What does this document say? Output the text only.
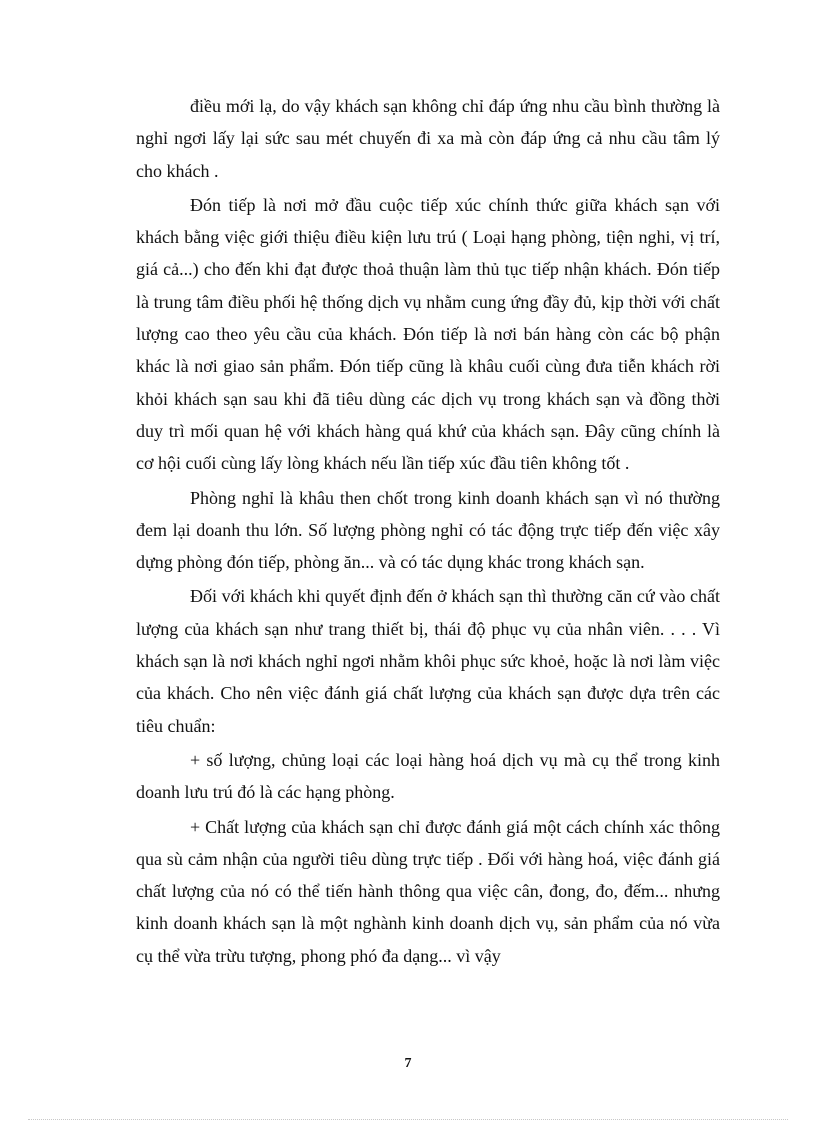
điều mới lạ, do vậy khách sạn không chỉ đáp ứng nhu cầu bình thường là nghỉ ngơi lấy lại sức sau mét chuyến đi xa mà còn đáp ứng cả nhu cầu tâm lý cho khách .

Đón tiếp là nơi mở đầu cuộc tiếp xúc chính thức giữa khách sạn với khách bằng việc giới thiệu điều kiện lưu trú ( Loại hạng phòng, tiện nghi, vị trí, giá cả...) cho đến khi đạt được thoả thuận làm thủ tục tiếp nhận khách. Đón tiếp là trung tâm điều phối hệ thống dịch vụ nhằm cung ứng đầy đủ, kịp thời với chất lượng cao theo yêu cầu của khách. Đón tiếp là nơi bán hàng còn các bộ phận khác là nơi giao sản phẩm. Đón tiếp cũng là khâu cuối cùng đưa tiễn khách rời khỏi khách sạn sau khi đã tiêu dùng các dịch vụ trong khách sạn và đồng thời duy trì mối quan hệ với khách hàng quá khứ của khách sạn. Đây cũng chính là cơ hội cuối cùng lấy lòng khách nếu lần tiếp xúc đầu tiên không tốt .

Phòng nghỉ là khâu then chốt trong kinh doanh khách sạn vì nó thường đem lại doanh thu lớn. Số lượng phòng nghỉ có tác động trực tiếp đến việc xây dựng phòng đón tiếp, phòng ăn... và có tác dụng khác trong khách sạn.

Đối với khách khi quyết định đến ở khách sạn thì thường căn cứ vào chất lượng của khách sạn như trang thiết bị, thái độ phục vụ của nhân viên. . . . Vì khách sạn là nơi khách nghỉ ngơi nhằm khôi phục sức khoẻ, hoặc là nơi làm việc của khách. Cho nên việc đánh giá chất lượng của khách sạn được dựa trên các tiêu chuẩn:

+ số lượng, chủng loại các loại hàng hoá dịch vụ mà cụ thể trong kinh doanh lưu trú đó là các hạng phòng.

+ Chất lượng của khách sạn chỉ được đánh giá một cách chính xác thông qua sù cảm nhận của người tiêu dùng trực tiếp . Đối với hàng hoá, việc đánh giá chất lượng của nó có thể tiến hành thông qua việc cân, đong, đo, đếm... nhưng kinh doanh khách sạn là một nghành kinh doanh dịch vụ, sản phẩm của nó vừa cụ thể vừa trừu tượng, phong phó đa dạng... vì vậy

7
